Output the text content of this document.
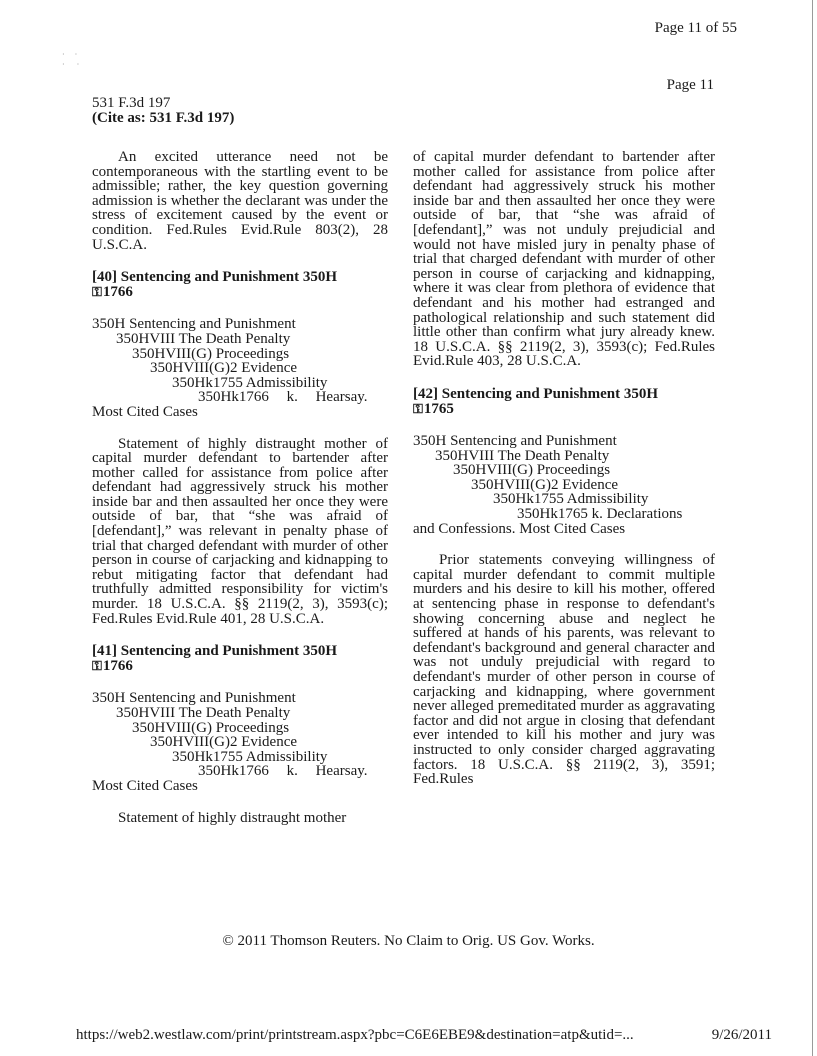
·     ·
·      ·
Page 11 of 55
Page 11
531 F.3d 197
(Cite as: 531 F.3d 197)

An excited utterance need not be contemporaneous with the startling event to be admissible; rather, the key question governing admission is whether the declarant was under the stress of excitement caused by the event or condition. Fed.Rules Evid.Rule 803(2), 28 U.S.C.A.

[40] Sentencing and Punishment 350H
⚿1766
350H Sentencing and Punishment
350HVIII The Death Penalty
350HVIII(G) Proceedings
350HVIII(G)2 Evidence
350Hk1755 Admissibility
350Hk1766 k. Hearsay.
Most Cited Cases

Statement of highly distraught mother of capital murder defendant to bartender after mother called for assistance from police after defendant had aggressively struck his mother inside bar and then assaulted her once they were outside of bar, that “she was afraid of [defendant],” was relevant in penalty phase of trial that charged defendant with murder of other person in course of carjacking and kidnapping to rebut mitigating factor that defendant had truthfully admitted responsibility for victim's murder. 18 U.S.C.A. §§ 2119(2, 3), 3593(c); Fed.Rules Evid.Rule 401, 28 U.S.C.A.

[41] Sentencing and Punishment 350H
⚿1766
350H Sentencing and Punishment
350HVIII The Death Penalty
350HVIII(G) Proceedings
350HVIII(G)2 Evidence
350Hk1755 Admissibility
350Hk1766 k. Hearsay.
Most Cited Cases

Statement of highly distraught mother

of capital murder defendant to bartender after mother called for assistance from police after defendant had aggressively struck his mother inside bar and then assaulted her once they were outside of bar, that “she was afraid of [defendant],” was not unduly prejudicial and would not have misled jury in penalty phase of trial that charged defendant with murder of other person in course of carjacking and kidnapping, where it was clear from plethora of evidence that defendant and his mother had estranged and pathological relationship and such statement did little other than confirm what jury already knew. 18 U.S.C.A. §§ 2119(2, 3), 3593(c); Fed.Rules Evid.Rule 403, 28 U.S.C.A.

[42] Sentencing and Punishment 350H
⚿1765
350H Sentencing and Punishment
350HVIII The Death Penalty
350HVIII(G) Proceedings
350HVIII(G)2 Evidence
350Hk1755 Admissibility
350Hk1765 k. Declarations
and Confessions. Most Cited Cases

Prior statements conveying willingness of capital murder defendant to commit multiple murders and his desire to kill his mother, offered at sentencing phase in response to defendant's showing concerning abuse and neglect he suffered at hands of his parents, was relevant to defendant's background and general character and was not unduly prejudicial with regard to defendant's murder of other person in course of carjacking and kidnapping, where government never alleged premeditated murder as aggravating factor and did not argue in closing that defendant ever intended to kill his mother and jury was instructed to only consider charged aggravating factors. 18 U.S.C.A. §§ 2119(2, 3), 3591; Fed.Rules

© 2011 Thomson Reuters. No Claim to Orig. US Gov. Works.
https://web2.westlaw.com/print/printstream.aspx?pbc=C6E6EBE9&destination=atp&utid=...	9/26/2011
